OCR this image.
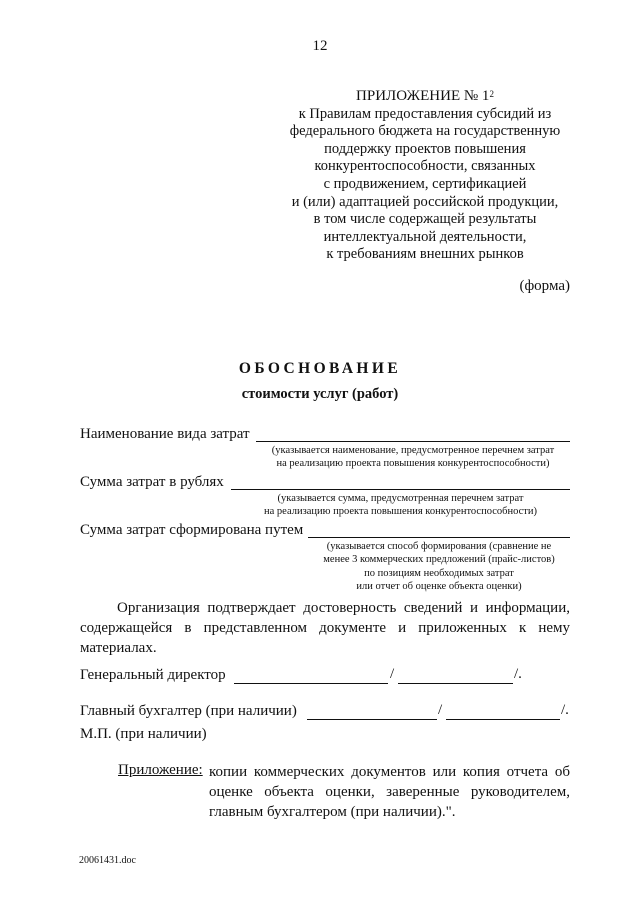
12
ПРИЛОЖЕНИЕ № $1^2$
к Правилам предоставления субсидий из
федерального бюджета на государственную
поддержку проектов повышения
конкурентоспособности, связанных
с продвижением, сертификацией
и (или) адаптацией российской продукции,
в том числе содержащей результаты
интеллектуальной деятельности,
к требованиям внешних рынков
(форма)
ОБОСНОВАНИЕ
стоимости услуг (работ)
Наименование вида затрат
(указывается наименование, предусмотренное перечнем затрат
на реализацию проекта повышения конкурентоспособности)
Сумма затрат в рублях
(указывается сумма, предусмотренная перечнем затрат
на реализацию проекта повышения конкурентоспособности)
Сумма затрат сформирована путем
(указывается способ формирования (сравнение не
менее 3 коммерческих предложений (прайс-листов)
по позициям необходимых затрат
или отчет об оценке объекта оценки)
Организация подтверждает достоверность сведений и информации, содержащейся в представленном документе и приложенных к нему материалах.
Генеральный директор	/	/.
Главный бухгалтер (при наличии)	/	/.
М.П. (при наличии)
Приложение: копии коммерческих документов или копия отчета об оценке объекта оценки, заверенные руководителем, главным бухгалтером (при наличии).".
20061431.doc
